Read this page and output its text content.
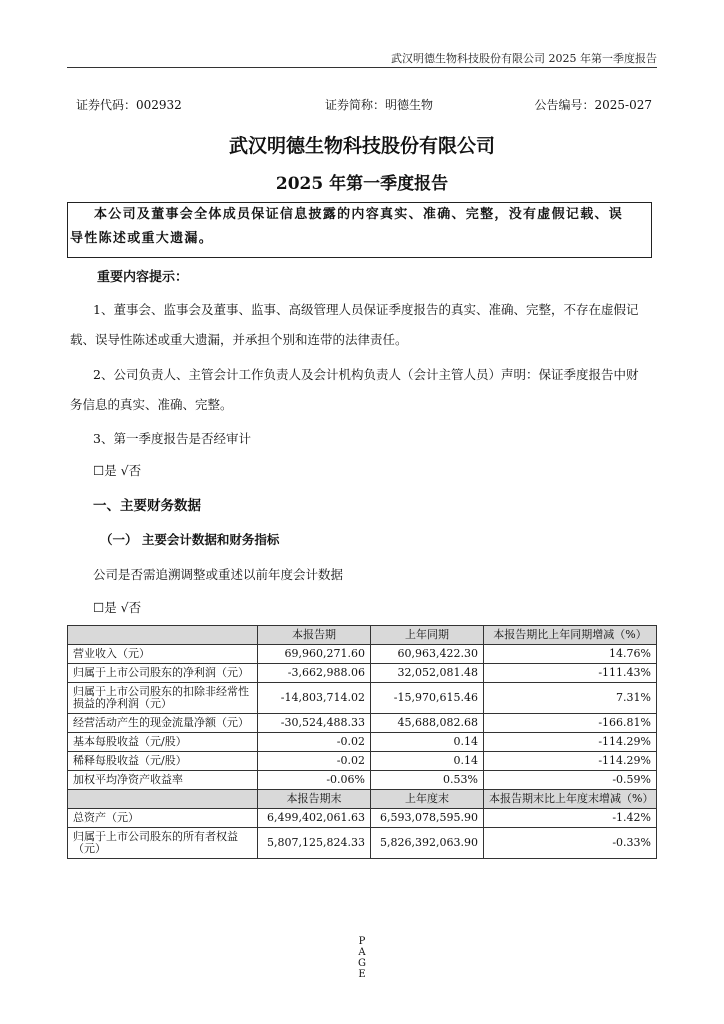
武汉明德生物科技股份有限公司 2025 年第一季度报告
证券代码：002932	证券简称：明德生物	公告编号：2025-027
武汉明德生物科技股份有限公司
2025 年第一季度报告

本公司及董事会全体成员保证信息披露的内容真实、准确、完整，没有虚假记载、误

导性陈述或重大遗漏。

重要内容提示：
1、董事会、监事会及董事、监事、高级管理人员保证季度报告的真实、准确、完整，不存在虚假记
载、误导性陈述或重大遗漏，并承担个别和连带的法律责任。
2、公司负责人、主管会计工作负责人及会计机构负责人（会计主管人员）声明：保证季度报告中财
务信息的真实、准确、完整。
3、第一季度报告是否经审计
☐是 √否
一、主要财务数据
（一） 主要会计数据和财务指标
公司是否需追溯调整或重述以前年度会计数据
☐是 √否
	本报告期	上年同期	本报告期比上年同期增减（%）
营业收入（元）	69,960,271.60	60,963,422.30	14.76%
归属于上市公司股东的净利润（元）	-3,662,988.06	32,052,081.48	-111.43%
归属于上市公司股东的扣除非经常性损益的净利润（元）	-14,803,714.02	-15,970,615.46	7.31%
经营活动产生的现金流量净额（元）	-30,524,488.33	45,688,082.68	-166.81%
基本每股收益（元/股）	-0.02	0.14	-114.29%
稀释每股收益（元/股）	-0.02	0.14	-114.29%
加权平均净资产收益率	-0.06%	0.53%	-0.59%
	本报告期末	上年度末	本报告期末比上年度末增减（%）
总资产（元）	6,499,402,061.63	6,593,078,595.90	-1.42%
归属于上市公司股东的所有者权益（元）	5,807,125,824.33	5,826,392,063.90	-0.33%
P
A
G
E
